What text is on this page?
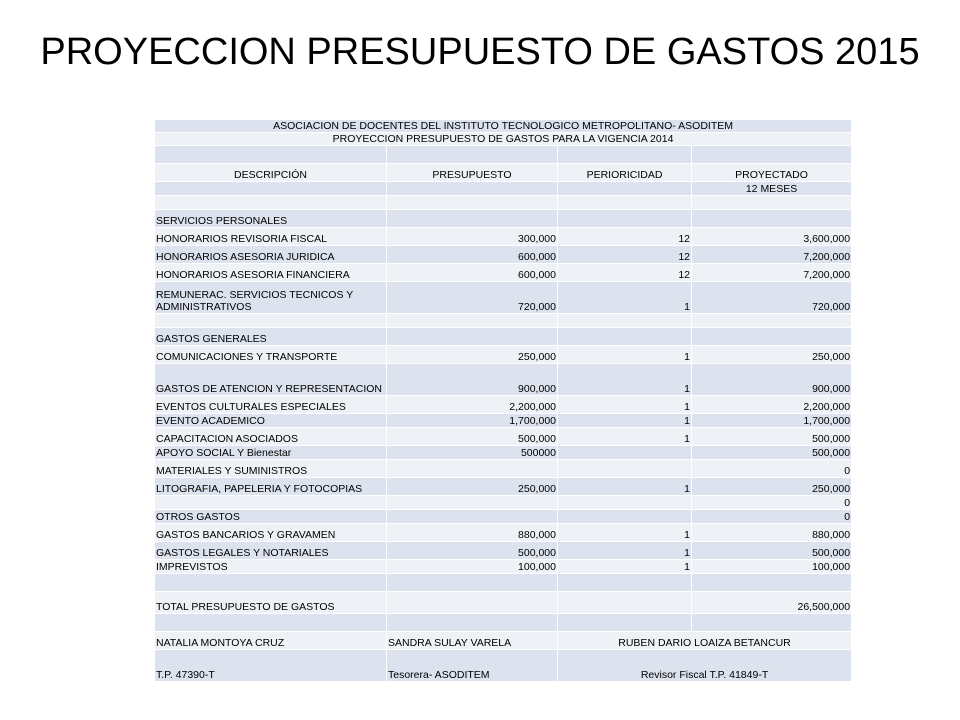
PROYECCION PRESUPUESTO DE GASTOS 2015
ASOCIACION DE DOCENTES DEL INSTITUTO TECNOLOGICO METROPOLITANO- ASODITEM			
PROYECCION PRESUPUESTO DE GASTOS PARA LA VIGENCIA 2014			

DESCRIPCIÓN	PRESUPUESTO	PERIORICIDAD	PROYECTADO
			12 MESES

SERVICIOS PERSONALES			
HONORARIOS REVISORIA FISCAL	300,000	12	3,600,000
HONORARIOS ASESORIA JURIDICA	600,000	12	7,200,000
HONORARIOS ASESORIA FINANCIERA	600,000	12	7,200,000
REMUNERAC. SERVICIOS TECNICOS Y ADMINISTRATIVOS	720,000	1	720,000

GASTOS GENERALES			
COMUNICACIONES Y TRANSPORTE	250,000	1	250,000
GASTOS DE ATENCION Y REPRESENTACION	900,000	1	900,000
EVENTOS CULTURALES ESPECIALES	2,200,000	1	2,200,000
EVENTO ACADEMICO	1,700,000	1	1,700,000
CAPACITACION ASOCIADOS	500,000	1	500,000
APOYO SOCIAL Y Bienestar	500000		500,000
MATERIALES Y SUMINISTROS			0
LITOGRAFIA, PAPELERIA Y FOTOCOPIAS	250,000	1	250,000
			0
OTROS GASTOS			0
GASTOS BANCARIOS Y GRAVAMEN	880,000	1	880,000
GASTOS LEGALES Y NOTARIALES	500,000	1	500,000
IMPREVISTOS	100,000	1	100,000

TOTAL PRESUPUESTO DE GASTOS			26,500,000

NATALIA MONTOYA CRUZ	SANDRA SULAY VARELA	RUBEN DARIO LOAIZA BETANCUR	
T.P. 47390-T	Tesorera- ASODITEM	Revisor Fiscal T.P. 41849-T	
